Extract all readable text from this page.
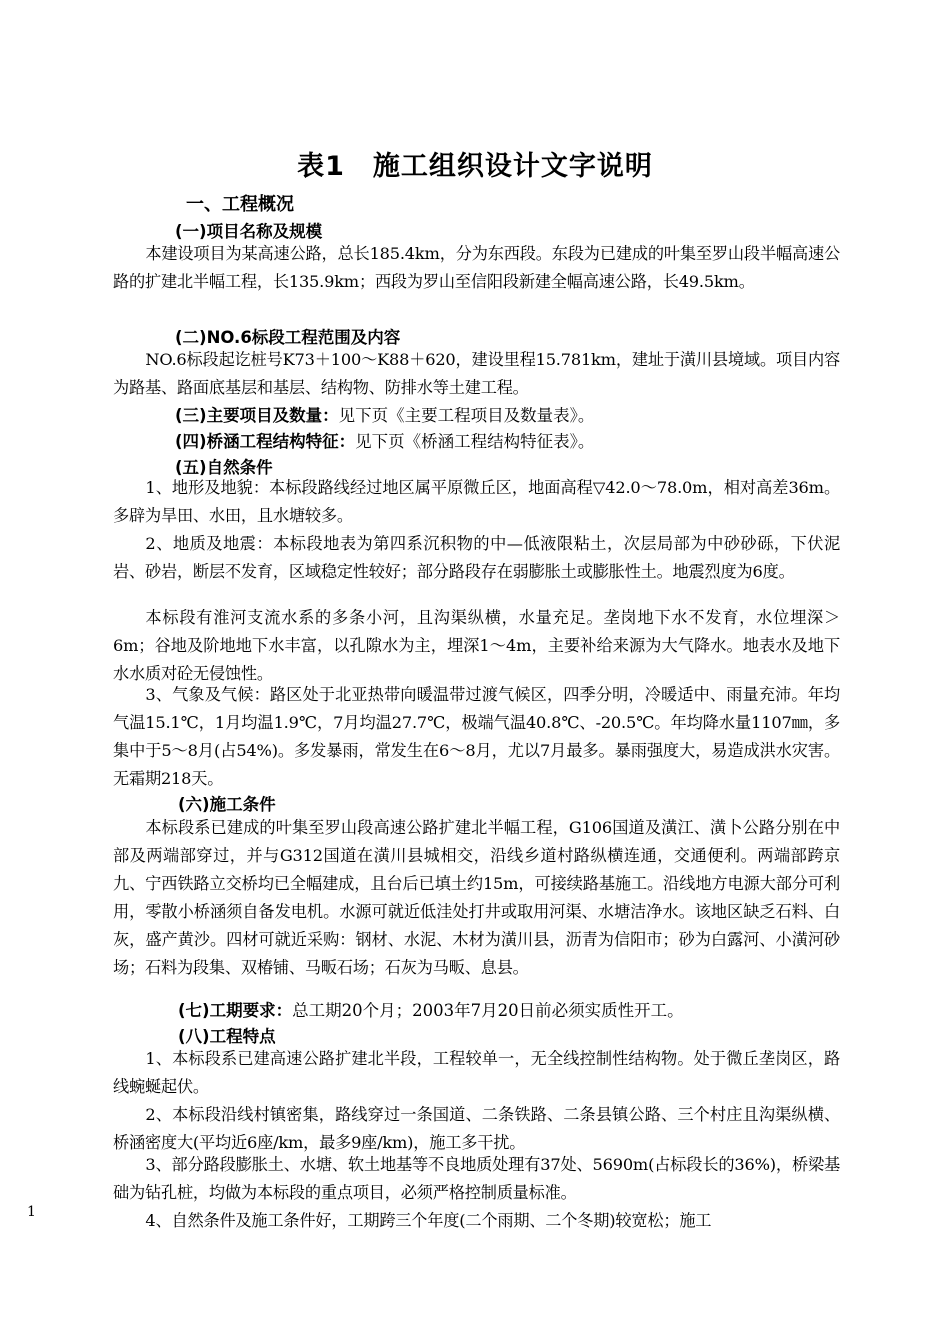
表1　施工组织设计文字说明
一、工程概况
(一)项目名称及规模
本建设项目为某高速公路，总长185.4km，分为东西段。东段为已建成的叶集至罗山段半幅高速公路的扩建北半幅工程，长135.9km；西段为罗山至信阳段新建全幅高速公路，长49.5km。
(二)NO.6标段工程范围及内容
NO.6标段起讫桩号K73＋100～K88＋620，建设里程15.781km，建址于潢川县境域。项目内容为路基、路面底基层和基层、结构物、防排水等土建工程。
(三)主要项目及数量：见下页《主要工程项目及数量表》。
(四)桥涵工程结构特征：见下页《桥涵工程结构特征表》。
(五)自然条件
1、地形及地貌：本标段路线经过地区属平原微丘区，地面高程▽42.0～78.0m，相对高差36m。多辟为旱田、水田，且水塘较多。
2、地质及地震：本标段地表为第四系沉积物的中—低液限粘土，次层局部为中砂砂砾，下伏泥岩、砂岩，断层不发育，区域稳定性较好；部分路段存在弱膨胀土或膨胀性土。地震烈度为6度。
本标段有淮河支流水系的多条小河，且沟渠纵横，水量充足。垄岗地下水不发育，水位埋深＞6m；谷地及阶地地下水丰富，以孔隙水为主，埋深1～4m，主要补给来源为大气降水。地表水及地下水水质对砼无侵蚀性。
3、气象及气候：路区处于北亚热带向暖温带过渡气候区，四季分明，冷暖适中、雨量充沛。年均气温15.1℃，1月均温1.9℃，7月均温27.7℃，极端气温40.8℃、-20.5℃。年均降水量1107㎜，多集中于5～8月(占54%)。多发暴雨，常发生在6～8月，尤以7月最多。暴雨强度大，易造成洪水灾害。无霜期218天。
(六)施工条件
本标段系已建成的叶集至罗山段高速公路扩建北半幅工程，G106国道及潢江、潢卜公路分别在中部及两端部穿过，并与G312国道在潢川县城相交，沿线乡道村路纵横连通，交通便利。两端部跨京九、宁西铁路立交桥均已全幅建成，且台后已填土约15m，可接续路基施工。沿线地方电源大部分可利用，零散小桥涵须自备发电机。水源可就近低洼处打井或取用河渠、水塘洁净水。该地区缺乏石料、白灰，盛产黄沙。四材可就近采购：钢材、水泥、木材为潢川县，沥青为信阳市；砂为白露河、小潢河砂场；石料为段集、双椿铺、马畈石场；石灰为马畈、息县。
(七)工期要求：总工期20个月；2003年7月20日前必须实质性开工。
(八)工程特点
1、本标段系已建高速公路扩建北半段，工程较单一，无全线控制性结构物。处于微丘垄岗区，路线蜿蜒起伏。
2、本标段沿线村镇密集，路线穿过一条国道、二条铁路、二条县镇公路、三个村庄且沟渠纵横、桥涵密度大(平均近6座/km，最多9座/km)，施工多干扰。
3、部分路段膨胀土、水塘、软土地基等不良地质处理有37处、5690m(占标段长的36%)，桥梁基础为钻孔桩，均做为本标段的重点项目，必须严格控制质量标准。
4、自然条件及施工条件好，工期跨三个年度(二个雨期、二个冬期)较宽松；施工
1
